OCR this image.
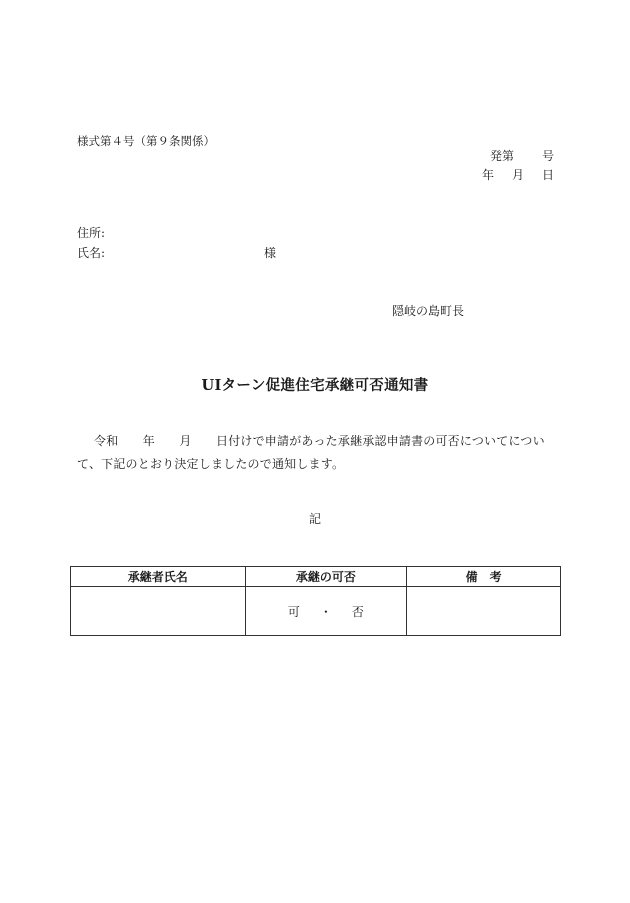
様式第４号（第９条関係）
発第 号
年 月 日
住所:
氏名:	様
隠岐の島町長
UIターン促進住宅承継可否通知書
令和　　年　　月　　日付けで申請があった承継承認申請書の可否についてについ
て、下記のとおり決定しましたので通知します。
記
承継者氏名	承継の可否	備　考
	可 ・ 否	
